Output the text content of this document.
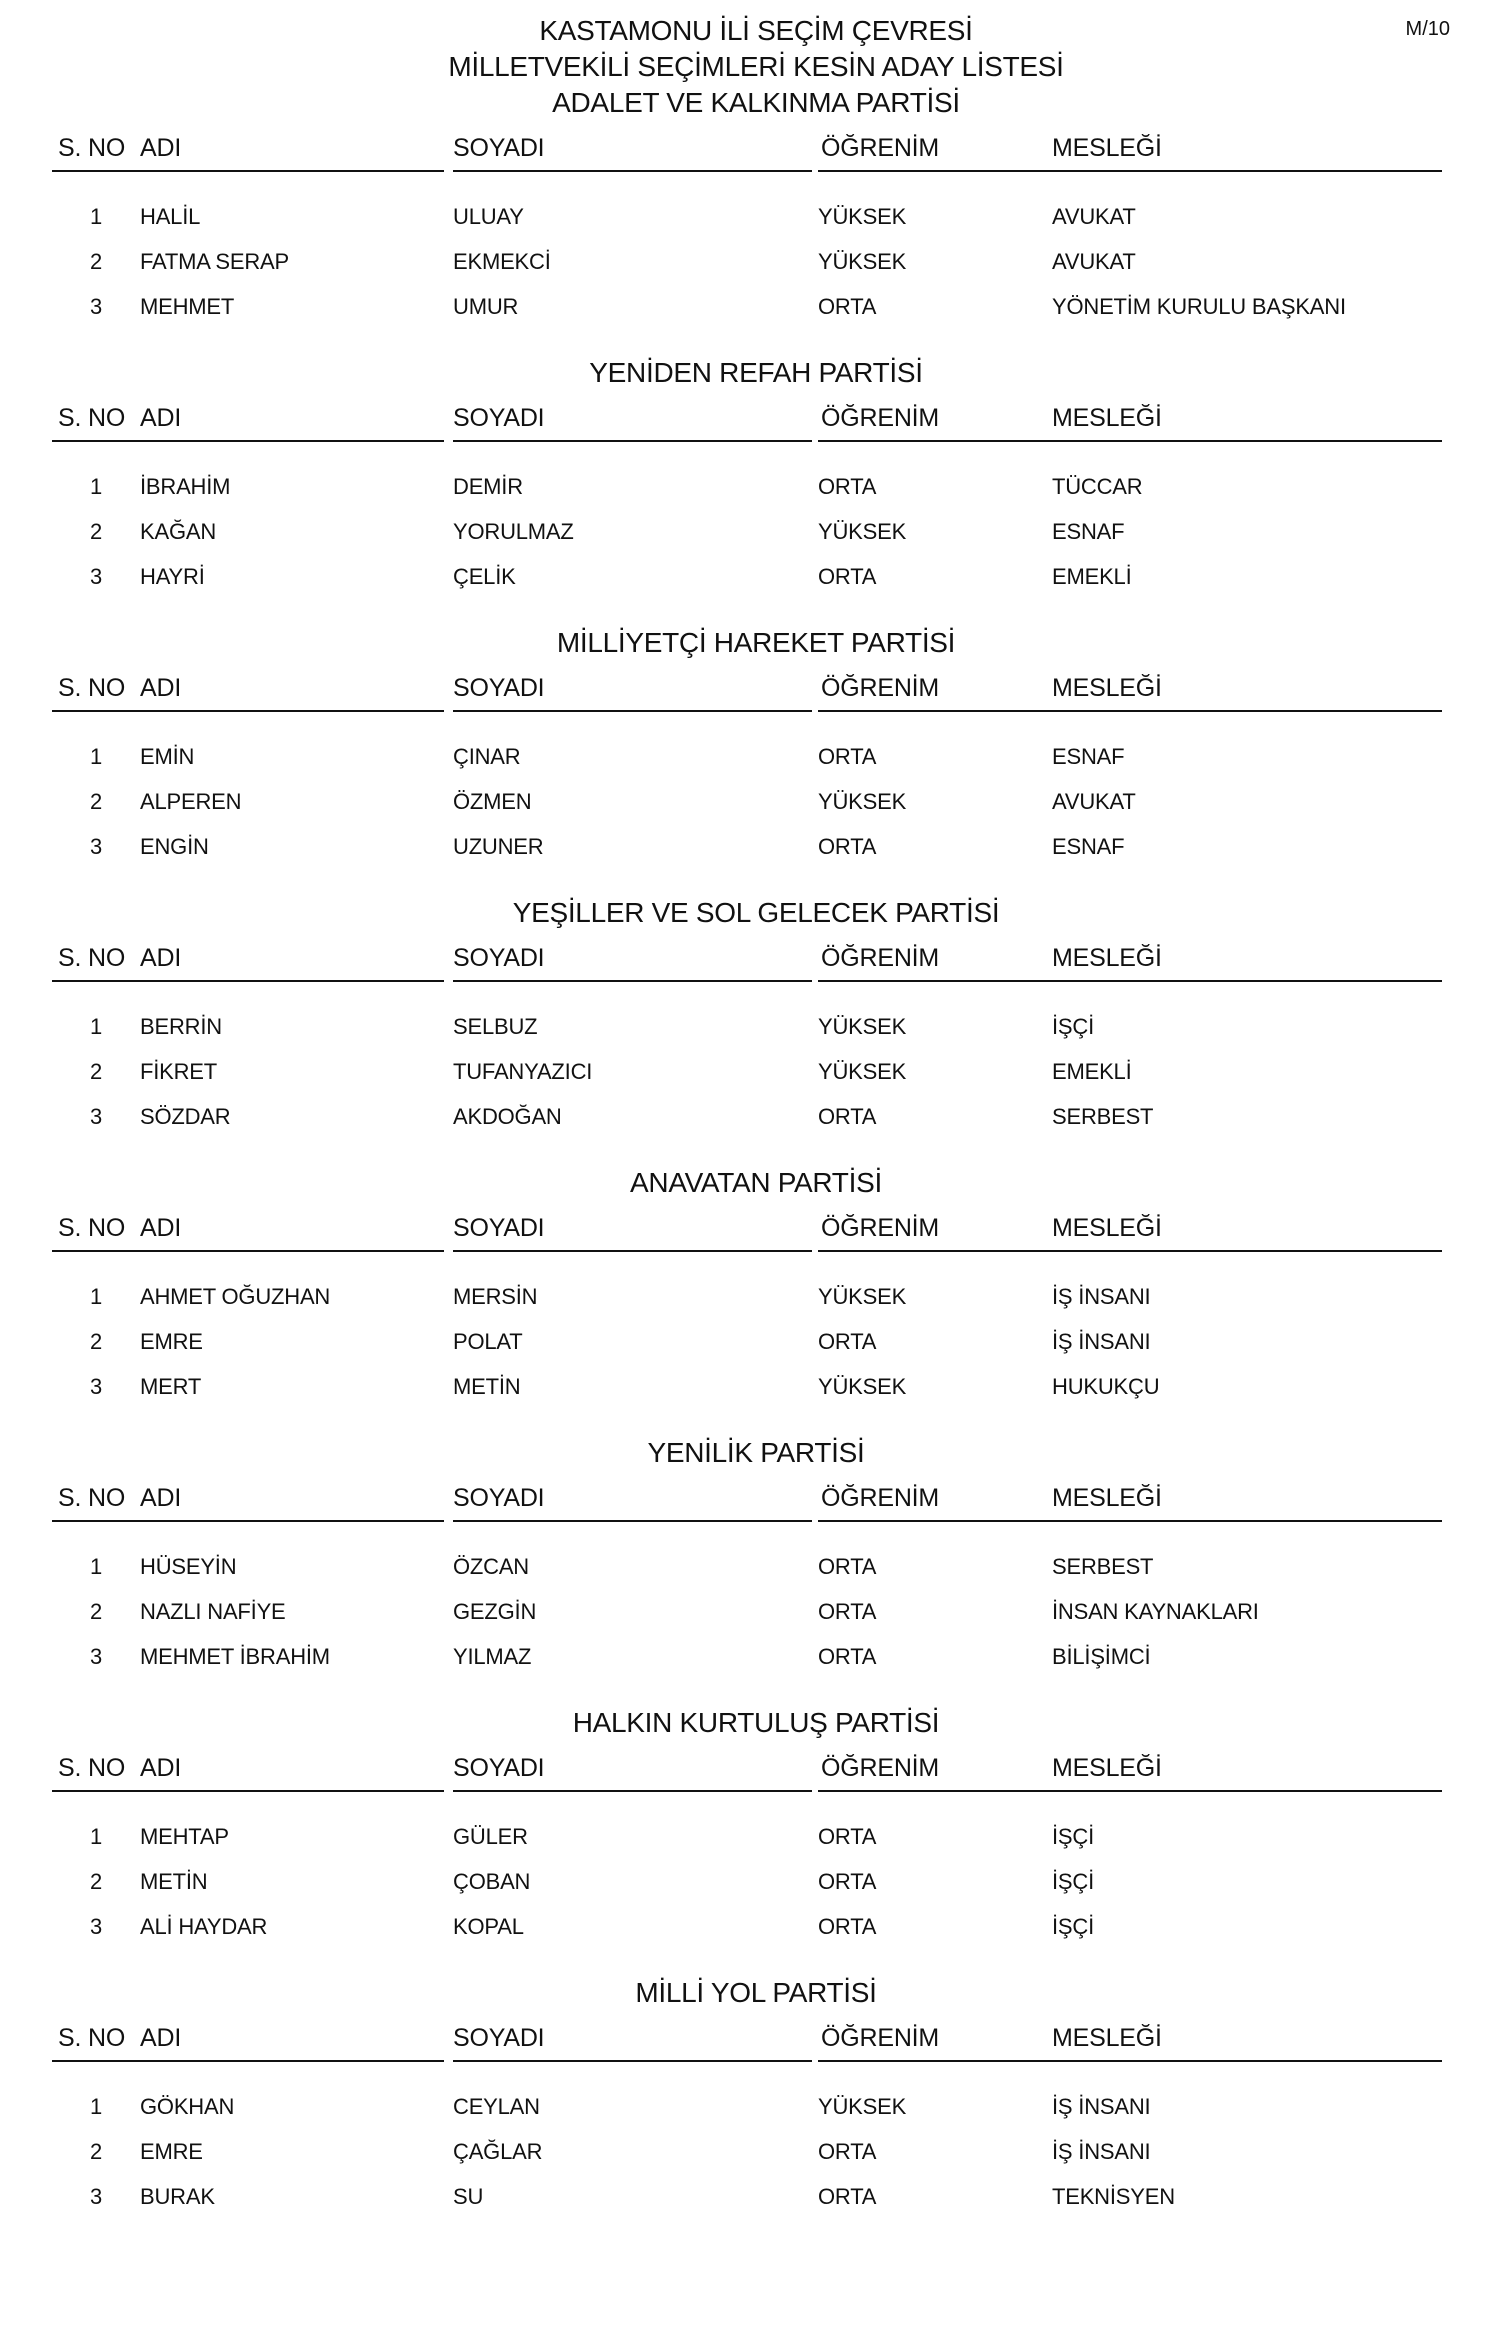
KASTAMONU İLİ SEÇİM ÇEVRESİ
MİLLETVEKİLİ SEÇİMLERİ KESİN ADAY LİSTESİ
M/10
ADALET VE KALKINMA PARTİSİ
S. NO ADI	SOYADI	ÖĞRENİM	MESLEĞİ
1 HALİL	ULUAY	YÜKSEK	AVUKAT
2 FATMA SERAP	EKMEKCİ	YÜKSEK	AVUKAT
3 MEHMET	UMUR	ORTA	YÖNETİM KURULU BAŞKANI
YENİDEN REFAH PARTİSİ
S. NO ADI	SOYADI	ÖĞRENİM	MESLEĞİ
1 İBRAHİM	DEMİR	ORTA	TÜCCAR
2 KAĞAN	YORULMAZ	YÜKSEK	ESNAF
3 HAYRİ	ÇELİK	ORTA	EMEKLİ
MİLLİYETÇİ HAREKET PARTİSİ
S. NO ADI	SOYADI	ÖĞRENİM	MESLEĞİ
1 EMİN	ÇINAR	ORTA	ESNAF
2 ALPEREN	ÖZMEN	YÜKSEK	AVUKAT
3 ENGİN	UZUNER	ORTA	ESNAF
YEŞİLLER VE SOL GELECEK PARTİSİ
S. NO ADI	SOYADI	ÖĞRENİM	MESLEĞİ
1 BERRİN	SELBUZ	YÜKSEK	İŞÇİ
2 FİKRET	TUFANYAZICI	YÜKSEK	EMEKLİ
3 SÖZDAR	AKDOĞAN	ORTA	SERBEST
ANAVATAN PARTİSİ
S. NO ADI	SOYADI	ÖĞRENİM	MESLEĞİ
1 AHMET OĞUZHAN	MERSİN	YÜKSEK	İŞ İNSANI
2 EMRE	POLAT	ORTA	İŞ İNSANI
3 MERT	METİN	YÜKSEK	HUKUKÇU
YENİLİK PARTİSİ
S. NO ADI	SOYADI	ÖĞRENİM	MESLEĞİ
1 HÜSEYİN	ÖZCAN	ORTA	SERBEST
2 NAZLI NAFİYE	GEZGİN	ORTA	İNSAN KAYNAKLARI
3 MEHMET İBRAHİM	YILMAZ	ORTA	BİLİŞİMCİ
HALKIN KURTULUŞ PARTİSİ
S. NO ADI	SOYADI	ÖĞRENİM	MESLEĞİ
1 MEHTAP	GÜLER	ORTA	İŞÇİ
2 METİN	ÇOBAN	ORTA	İŞÇİ
3 ALİ HAYDAR	KOPAL	ORTA	İŞÇİ
MİLLİ YOL PARTİSİ
S. NO ADI	SOYADI	ÖĞRENİM	MESLEĞİ
1 GÖKHAN	CEYLAN	YÜKSEK	İŞ İNSANI
2 EMRE	ÇAĞLAR	ORTA	İŞ İNSANI
3 BURAK	SU	ORTA	TEKNİSYEN
